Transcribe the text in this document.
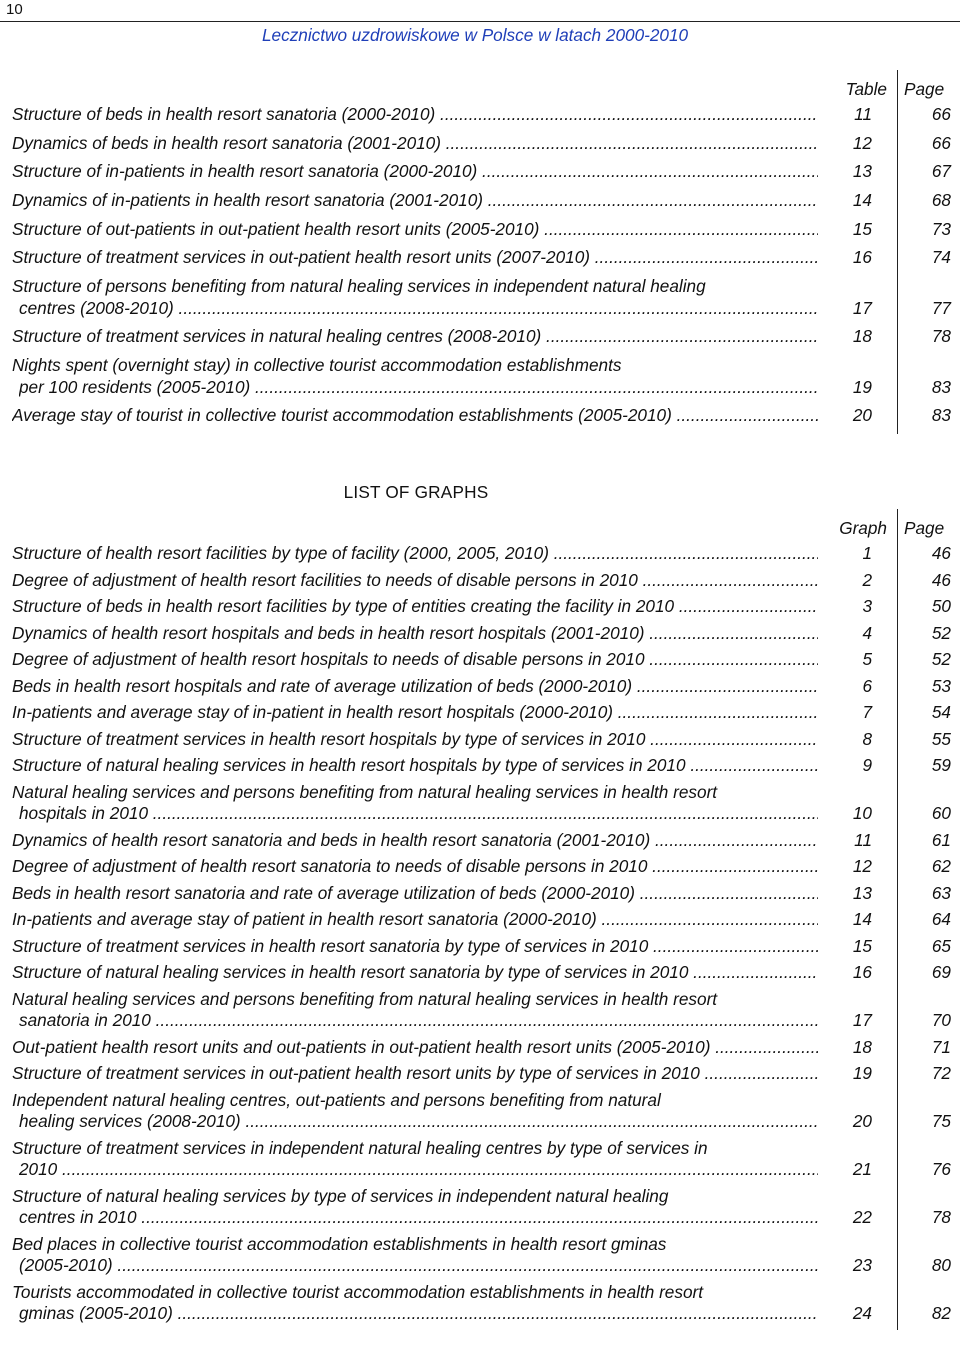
10
Lecznictwo uzdrowiskowe w Polsce w latach 2000-2010
Table Page
Structure of beds in health resort sanatoria (2000-2010) .....	11	66
Dynamics of beds in health resort sanatoria (2001-2010) .....	12	66
Structure of in-patients in health resort sanatoria (2000-2010) .....	13	67
Dynamics of in-patients in health resort sanatoria (2001-2010) .....	14	68
Structure of out-patients in out-patient health resort units (2005-2010) .....	15	73
Structure of treatment services in out-patient health resort units (2007-2010) .....	16	74
Structure of persons benefiting from natural healing services in independent natural healing
centres (2008-2010) .....	17	77
Structure of treatment services in natural healing centres (2008-2010) .....	18	78
Nights spent (overnight stay) in collective tourist accommodation establishments
per 100 residents (2005-2010) .....	19	83
Average stay of tourist in collective tourist accommodation establishments (2005-2010) .....	20	83
LIST OF GRAPHS
Graph Page
Structure of health resort facilities by type of facility (2000, 2005, 2010) .....	1	46
Degree of adjustment of health resort facilities to needs of disable persons in 2010 .....	2	46
Structure of beds in health resort facilities by type of entities creating the facility in 2010 .....	3	50
Dynamics of health resort hospitals and beds in health resort hospitals (2001-2010) .....	4	52
Degree of adjustment of health resort hospitals to needs of disable persons in 2010 .....	5	52
Beds in health resort hospitals and rate of average utilization of beds (2000-2010) .....	6	53
In-patients and average stay of in-patient in health resort hospitals (2000-2010) .....	7	54
Structure of treatment services in health resort hospitals by type of services in 2010 .....	8	55
Structure of natural healing services in health resort hospitals by type of services in 2010 .....	9	59
Natural healing services and persons benefiting from natural healing services in health resort
hospitals in 2010 .....	10	60
Dynamics of health resort sanatoria and beds in health resort sanatoria (2001-2010) .....	11	61
Degree of adjustment of health resort sanatoria to needs of disable persons in 2010 .....	12	62
Beds in health resort sanatoria and rate of average utilization of beds (2000-2010) .....	13	63
In-patients and average stay of patient in health resort sanatoria (2000-2010) .....	14	64
Structure of treatment services in health resort sanatoria by type of services in 2010 .....	15	65
Structure of natural healing services in health resort sanatoria by type of services in 2010 .....	16	69
Natural healing services and persons benefiting from natural healing services in health resort
sanatoria in 2010 .....	17	70
Out-patient health resort units and out-patients in out-patient health resort units (2005-2010) .....	18	71
Structure of treatment services in out-patient health resort units by type of services in 2010 .....	19	72
Independent natural healing centres, out-patients and persons benefiting from natural
healing services (2008-2010) .....	20	75
Structure of treatment services in independent natural healing centres by type of services in
2010 .....	21	76
Structure of natural healing services by type of services in independent natural healing
centres in 2010 .....	22	78
Bed places in collective tourist accommodation establishments in health resort gminas
(2005-2010) .....	23	80
Tourists accommodated in collective tourist accommodation establishments in health resort
gminas (2005-2010) .....	24	82
